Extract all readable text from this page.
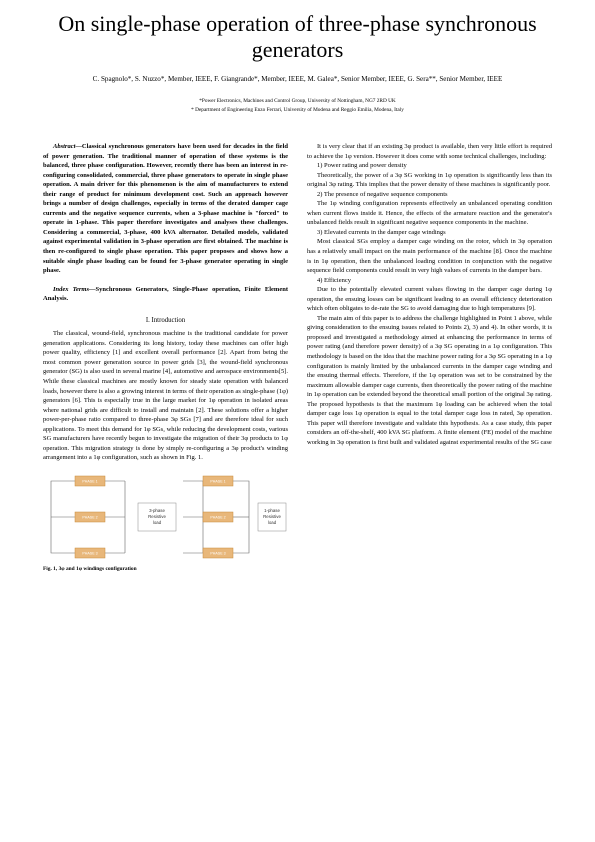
On single-phase operation of three-phase synchronous generators
C. Spagnolo*, S. Nuzzo*, Member, IEEE, F. Giangrande*, Member, IEEE, M. Galea*, Senior Member, IEEE, G. Sera**, Senior Member, IEEE
*Power Electronics, Machines and Control Group, University of Nottingham, NG7 2RD UK
* Department of Engineering Enzo Ferrari, University of Modena and Reggio Emilia, Modena, Italy

Abstract—Classical synchronous generators have been used for decades in the field of power generation. The traditional manner of operation of these systems is the balanced, three phase configuration. However, recently there has been an interest in re-configuring consolidated, commercial, three phase generators to operate in single phase operation. A main driver for this phenomenon is the aim of manufacturers to extend their range of product for minimum development cost. Such an approach however brings a number of design challenges, especially in terms of the derated damper cage currents and the negative sequence currents, when a 3-phase machine is "forced" to operate in 1-phase. This paper therefore investigates and analyses these challenges. Considering a commercial, 3-phase, 400 kVA alternator. Detailed models, validated against experimental validation in 3-phase operation are first obtained. The machine is then re-configured to single phase operation. This paper proposes and shows how a suitable single phase loading can be found for 3-phase generator operating in single phase.

Index Terms—Synchronous Generators, Single-Phase operation, Finite Element Analysis.

I. Introduction

The classical, wound-field, synchronous machine is the traditional candidate for power generation applications. Considering its long history, today these machines can offer high power quality, efficiency [1] and excellent overall performance [2]. Apart from being the most common power generation source in power grids [3], the wound-field synchronous generator (SG) is also used in several marine [4], automotive and aerospace environments[5]. While these classical machines are mostly known for steady state operation with balanced loads, however there is also a growing interest in terms of their operation as single-phase (1φ) generators [6]. This is especially true in the large market for 1φ operation in isolated areas where national grids are difficult to install and maintain [2]. These solutions offer a higher power-per-phase ratio compared to three-phase 3φ SGs [7] and are therefore ideal for such applications. To meet this demand for 1φ SGs, while reducing the development costs, various SG manufacturers have recently begun to investigate the migration of their 3φ products to 1φ operation. This migration strategy is done by simply re-configuring a 3φ product's winding arrangement into a 1φ configuration, such as shown in Fig. 1.

PHASE 1
PHASE 2
PHASE 3
PHASE 1
PHASE 2
PHASE 3
3-phase
Resistive
load
1-phase
Resistive
load

Fig. 1, 3φ and 1φ windings configuration

It is very clear that if an existing 3φ product is available, then very little effort is required to achieve the 1φ version. However it does come with some technical challenges, including:

1) Power rating and power density

Theoretically, the power of a 3φ SG working in 1φ operation is significantly less than its original 3φ rating. This implies that the power density of these machines is significantly poor.

2) The presence of negative sequence components

The 1φ winding configuration represents effectively an unbalanced operating condition when current flows inside it. Hence, the effects of the armature reaction and the generator's unbalanced fields result in significant negative sequence components in the machine.

3) Elevated currents in the damper cage windings

Most classical SGs employ a damper cage winding on the rotor, which in 3φ operation has a relatively small impact on the main performance of the machine [8]. Once the machine is in 1φ operation, then the unbalanced loading condition in conjunction with the negative sequence field components could result in very high values of currents in the damper bars.

4) Efficiency

Due to the potentially elevated current values flowing in the damper cage during 1φ operation, the ensuing losses can be significant leading to an overall efficiency deterioration which often obligates to de-rate the SG to avoid damaging due to high temperatures [9].

The main aim of this paper is to address the challenge highlighted in Point 1 above, while giving consideration to the ensuing issues related to Points 2), 3) and 4). In other words, it is proposed and investigated a methodology aimed at enhancing the performance in terms of power rating (and therefore power density) of a 3φ SG operating in a 1φ configuration. This methodology is based on the idea that the machine power rating for a 3φ SG operating in a 1φ configuration is mainly limited by the unbalanced currents in the damper cage winding and the ensuing thermal effects. Therefore, if the 1φ operation was set to be constrained by the maximum allowable damper cage currents, then theoretically the power rating of the machine in 1φ operation can be extended beyond the theoretical small portion of the original 3φ rating. The proposed hypothesis is that the maximum 1φ loading can be achieved when the total damper cage loss 1φ operation is equal to the total damper cage loss in rated, 3φ operation. This paper will therefore investigate and validate this hypothesis. As a case study, this paper considers an off-the-shelf, 400 kVA SG platform. A finite element (FE) model of the machine working in 3φ operation is first built and validated against experimental results of the SG case
